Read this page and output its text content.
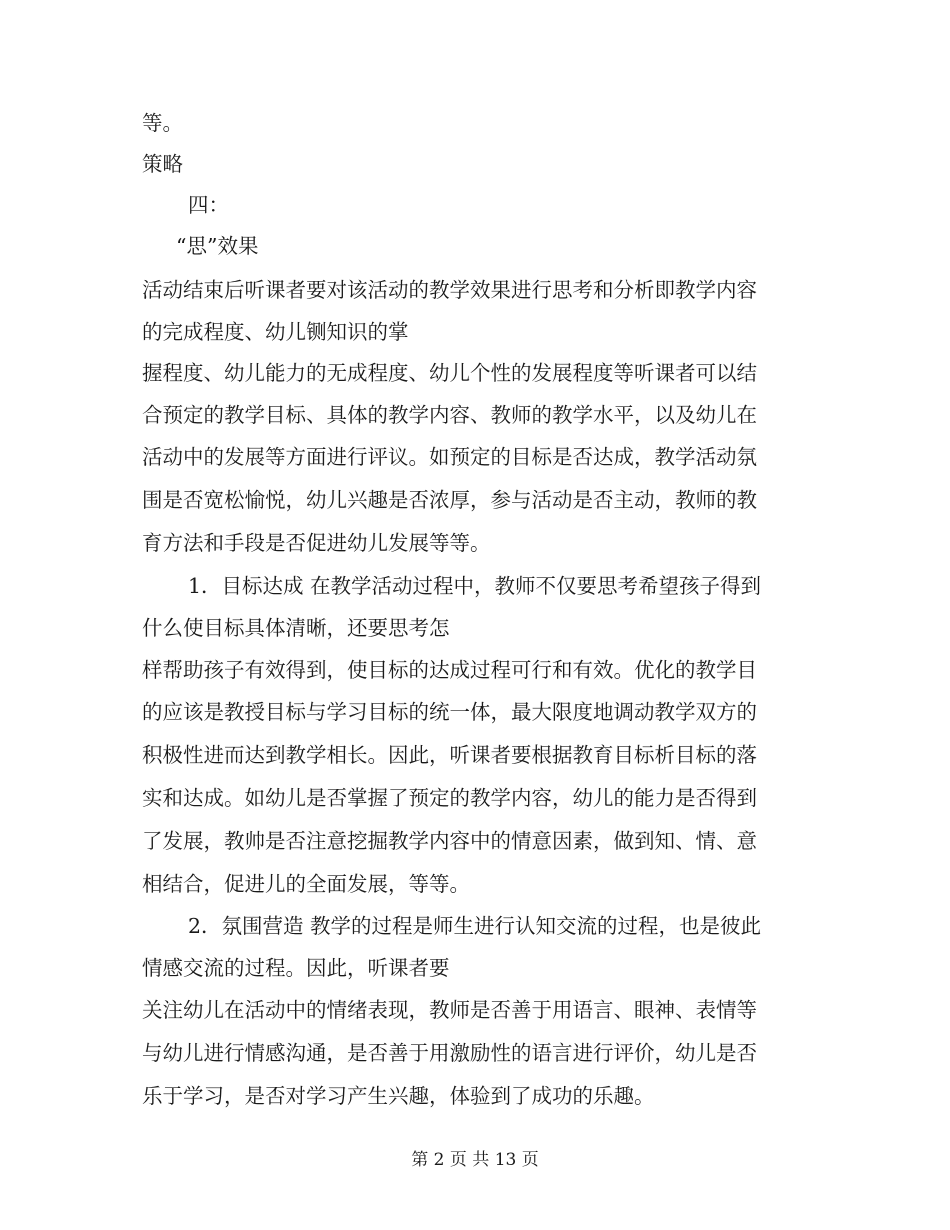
等。
策略
四：
“思”效果
活动结束后听课者要对该活动的教学效果进行思考和分析即教学内容
的完成程度、幼儿铡知识的掌
握程度、幼儿能力的无成程度、幼儿个性的发展程度等听课者可以结
合预定的教学目标、具体的教学内容、教师的教学水平，以及幼儿在
活动中的发展等方面进行评议。如预定的目标是否达成，教学活动氛
围是否宽松愉悦，幼儿兴趣是否浓厚，参与活动是否主动，教师的教
育方法和手段是否促进幼儿发展等等。
1．目标达成 在教学活动过程中，教师不仅要思考希望孩子得到
什么使目标具体清晰，还要思考怎
样帮助孩子有效得到，使目标的达成过程可行和有效。优化的教学目
的应该是教授目标与学习目标的统一体，最大限度地调动教学双方的
积极性进而达到教学相长。因此，听课者要根据教育目标析目标的落
实和达成。如幼儿是否掌握了预定的教学内容，幼儿的能力是否得到
了发展，教帅是否注意挖掘教学内容中的情意因素，做到知、情、意
相结合，促进儿的全面发展，等等。
2．氛围营造 教学的过程是师生进行认知交流的过程，也是彼此
情感交流的过程。因此，听课者要
关注幼儿在活动中的情绪表现，教师是否善于用语言、眼神、表情等
与幼儿进行情感沟通，是否善于用激励性的语言进行评价，幼儿是否
乐于学习，是否对学习产生兴趣，体验到了成功的乐趣。
第 2 页 共 13 页
